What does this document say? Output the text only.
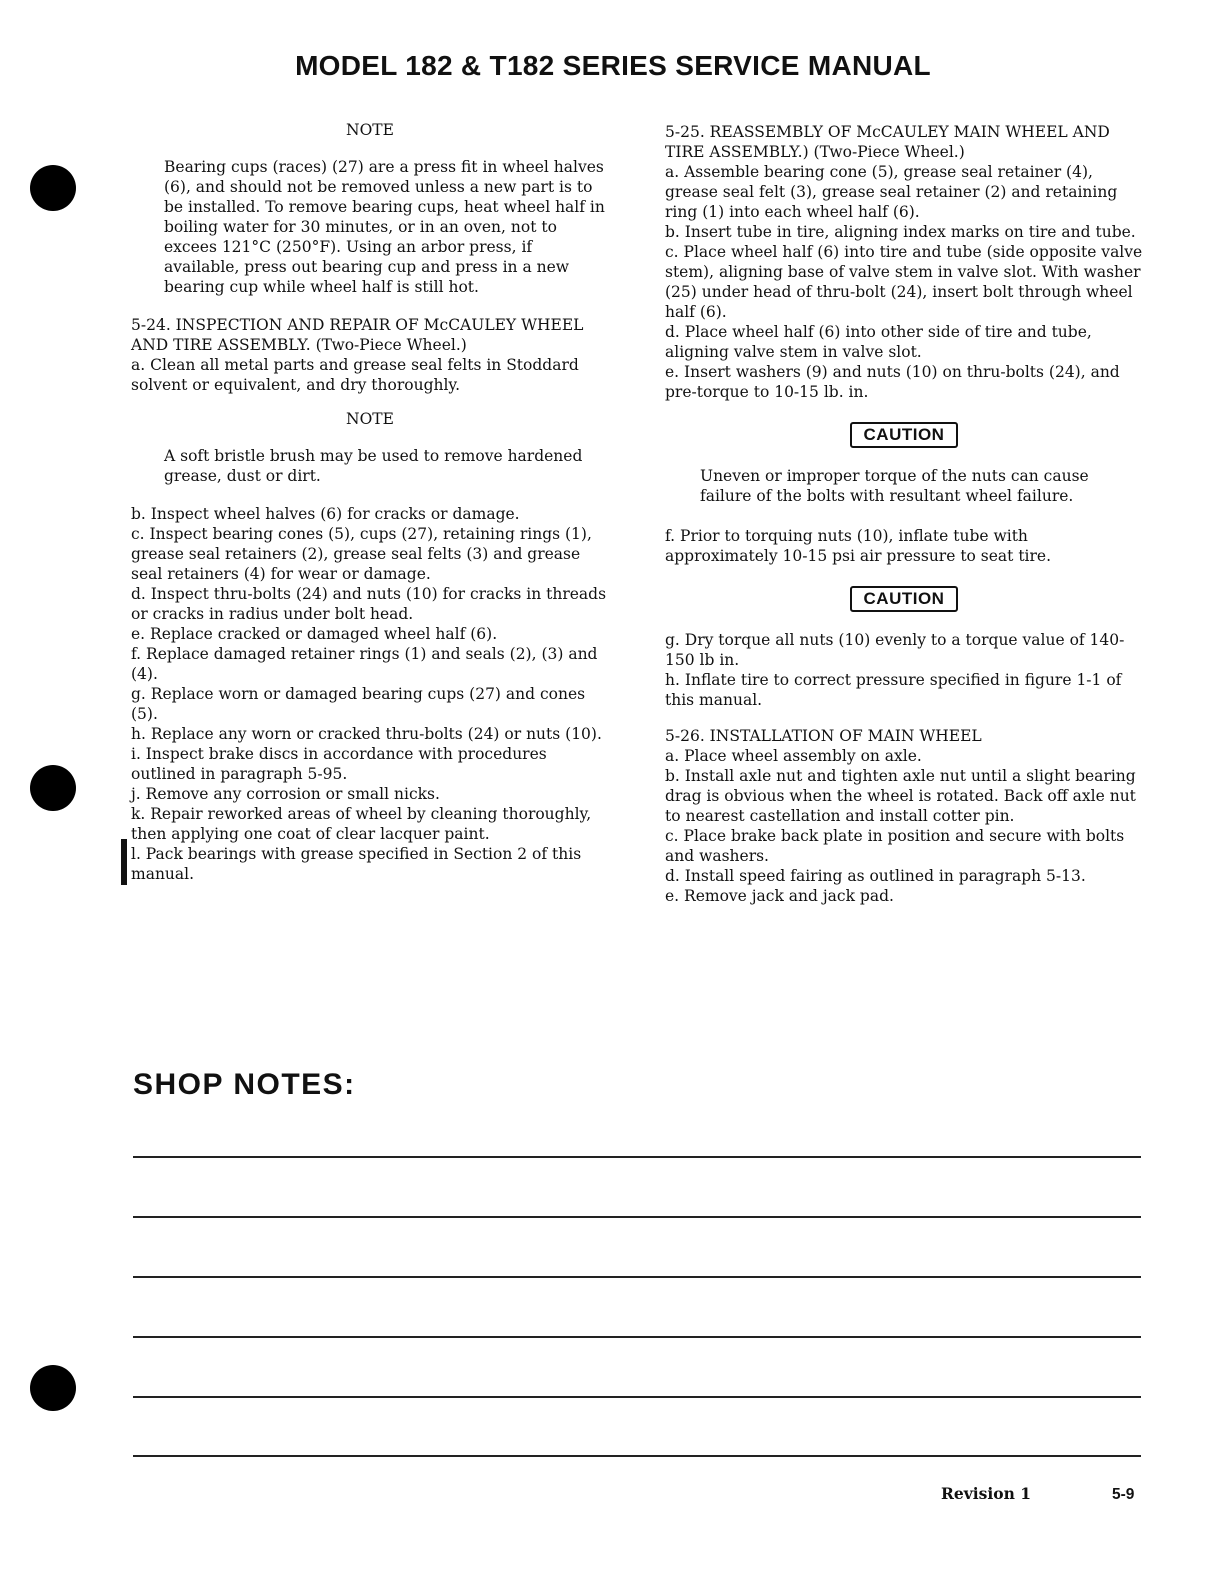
MODEL 182 & T182 SERIES SERVICE MANUAL

NOTE

Bearing cups (races) (27) are a press fit in wheel halves (6), and should not be removed unless a new part is to be installed. To remove bearing cups, heat wheel half in boiling water for 30 minutes, or in an oven, not to excees 121°C (250°F). Using an arbor press, if available, press out bearing cup and press in a new bearing cup while wheel half is still hot.

5-24. INSPECTION AND REPAIR OF McCAULEY WHEEL AND TIRE ASSEMBLY. (Two-Piece Wheel.)

a. Clean all metal parts and grease seal felts in Stoddard solvent or equivalent, and dry thoroughly.

NOTE

A soft bristle brush may be used to remove hardened grease, dust or dirt.

b. Inspect wheel halves (6) for cracks or damage.

c. Inspect bearing cones (5), cups (27), retaining rings (1), grease seal retainers (2), grease seal felts (3) and grease seal retainers (4) for wear or damage.

d. Inspect thru-bolts (24) and nuts (10) for cracks in threads or cracks in radius under bolt head.

e. Replace cracked or damaged wheel half (6).

f. Replace damaged retainer rings (1) and seals (2), (3) and (4).

g. Replace worn or damaged bearing cups (27) and cones (5).

h. Replace any worn or cracked thru-bolts (24) or nuts (10).

i. Inspect brake discs in accordance with procedures outlined in paragraph 5-95.

j. Remove any corrosion or small nicks.

k. Repair reworked areas of wheel by cleaning thoroughly, then applying one coat of clear lacquer paint.

l. Pack bearings with grease specified in Section 2 of this manual.

5-25. REASSEMBLY OF McCAULEY MAIN WHEEL AND TIRE ASSEMBLY.) (Two-Piece Wheel.)

a. Assemble bearing cone (5), grease seal retainer (4), grease seal felt (3), grease seal retainer (2) and retaining ring (1) into each wheel half (6).

b. Insert tube in tire, aligning index marks on tire and tube.

c. Place wheel half (6) into tire and tube (side opposite valve stem), aligning base of valve stem in valve slot. With washer (25) under head of thru-bolt (24), insert bolt through wheel half (6).

d. Place wheel half (6) into other side of tire and tube, aligning valve stem in valve slot.

e. Insert washers (9) and nuts (10) on thru-bolts (24), and pre-torque to 10-15 lb. in.

CAUTION

Uneven or improper torque of the nuts can cause failure of the bolts with resultant wheel failure.

f. Prior to torquing nuts (10), inflate tube with approximately 10-15 psi air pressure to seat tire.

CAUTION

g. Dry torque all nuts (10) evenly to a torque value of 140-150 lb in.

h. Inflate tire to correct pressure specified in figure 1-1 of this manual.

5-26. INSTALLATION OF MAIN WHEEL

a. Place wheel assembly on axle.

b. Install axle nut and tighten axle nut until a slight bearing drag is obvious when the wheel is rotated. Back off axle nut to nearest castellation and install cotter pin.

c. Place brake back plate in position and secure with bolts and washers.

d. Install speed fairing as outlined in paragraph 5-13.

e. Remove jack and jack pad.

SHOP NOTES:
Revision 1	5-9
